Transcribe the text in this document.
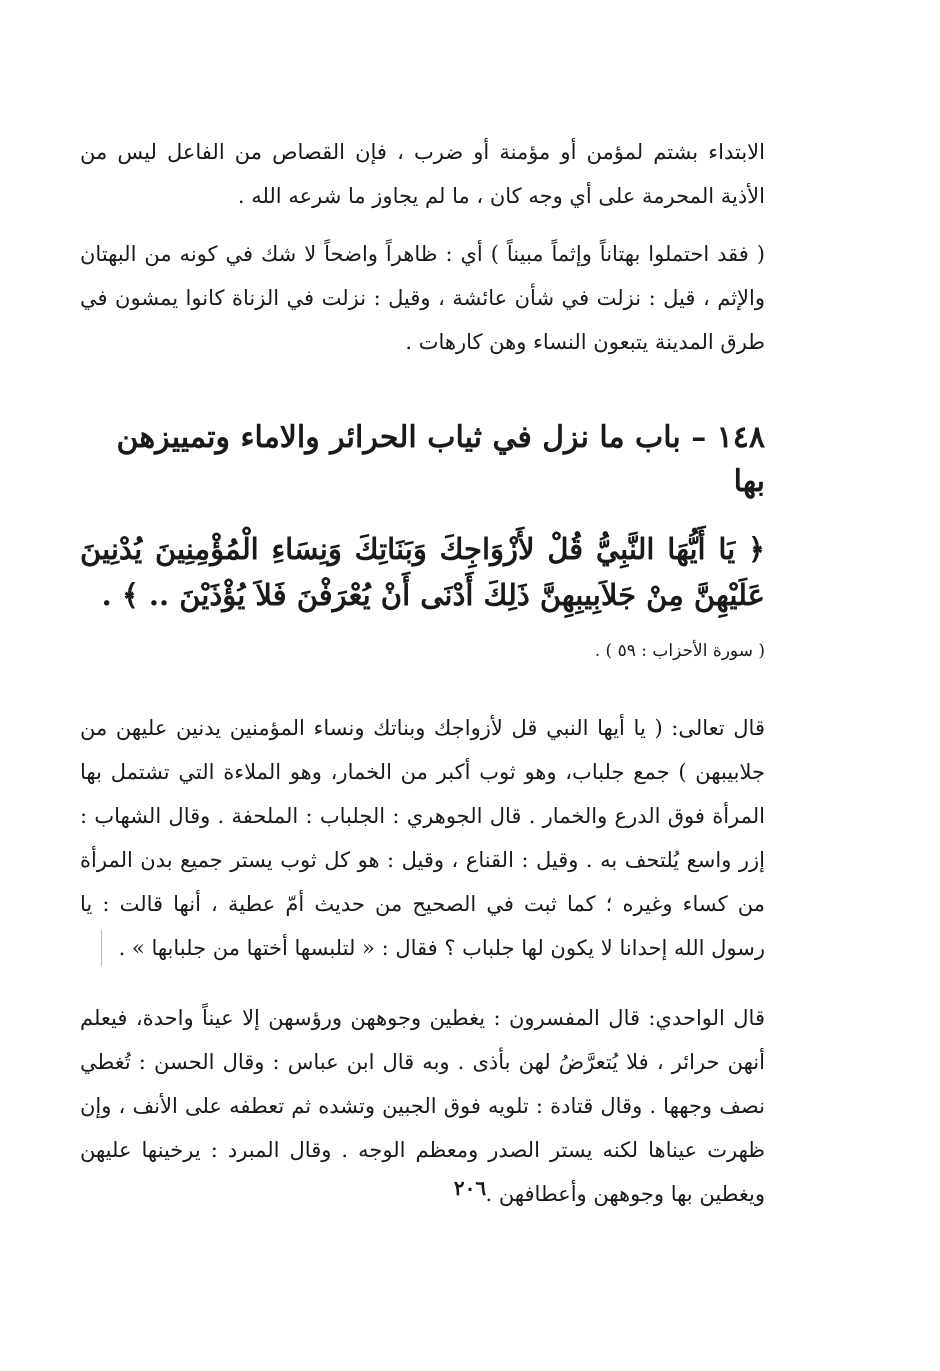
الابتداء بشتم لمؤمن أو مؤمنة أو ضرب ، فإن القصاص من الفاعل ليس من الأذية المحرمة على أي وجه كان ، ما لم يجاوز ما شرعه الله .

( فقد احتملوا بهتاناً وإثماً مبيناً ) أي : ظاهراً واضحاً لا شك في كونه من البهتان والإثم ، قيل : نزلت في شأن عائشة ، وقيل : نزلت في الزناة كانوا يمشون في طرق المدينة يتبعون النساء وهن كارهات .

١٤٨ – باب ما نزل في ثياب الحرائر والاماء وتمييزهن بها

﴿ يَا أَيُّهَا النَّبِيُّ قُلْ لأَزْوَاجِكَ وَبَنَاتِكَ وَنِسَاءِ الْمُؤْمِنِينَ يُدْنِينَ عَلَيْهِنَّ مِنْ جَلاَبِيبِهِنَّ ذَلِكَ أَدْنَى أَنْ يُعْرَفْنَ فَلاَ يُؤْذَيْنَ .. ﴾ .

( سورة الأحزاب : ٥٩ ) .

قال تعالى: ( يا أيها النبي قل لأزواجك وبناتك ونساء المؤمنين يدنين عليهن من جلابيبهن ) جمع جلباب، وهو ثوب أكبر من الخمار، وهو الملاءة التي تشتمل بها المرأة فوق الدرع والخمار . قال الجوهري : الجلباب : الملحفة . وقال الشهاب : إزر واسع يُلتحف به . وقيل : القناع ، وقيل : هو كل ثوب يستر جميع بدن المرأة من كساء وغيره ؛ كما ثبت في الصحيح من حديث أمّ عطية ، أنها قالت : يا رسول الله إحدانا لا يكون لها جلباب ؟ فقال : « لتلبسها أختها من جلبابها » .

قال الواحدي: قال المفسرون : يغطين وجوههن ورؤسهن إلا عيناً واحدة، فيعلم أنهن حرائر ، فلا يُتعرَّضُ لهن بأذى . وبه قال ابن عباس : وقال الحسن : تُغطي نصف وجهها . وقال قتادة : تلويه فوق الجبين وتشده ثم تعطفه على الأنف ، وإن ظهرت عيناها لكنه يستر الصدر ومعظم الوجه . وقال المبرد : يرخينها عليهن ويغطين بها وجوههن وأعطافهن .

٢٠٦
